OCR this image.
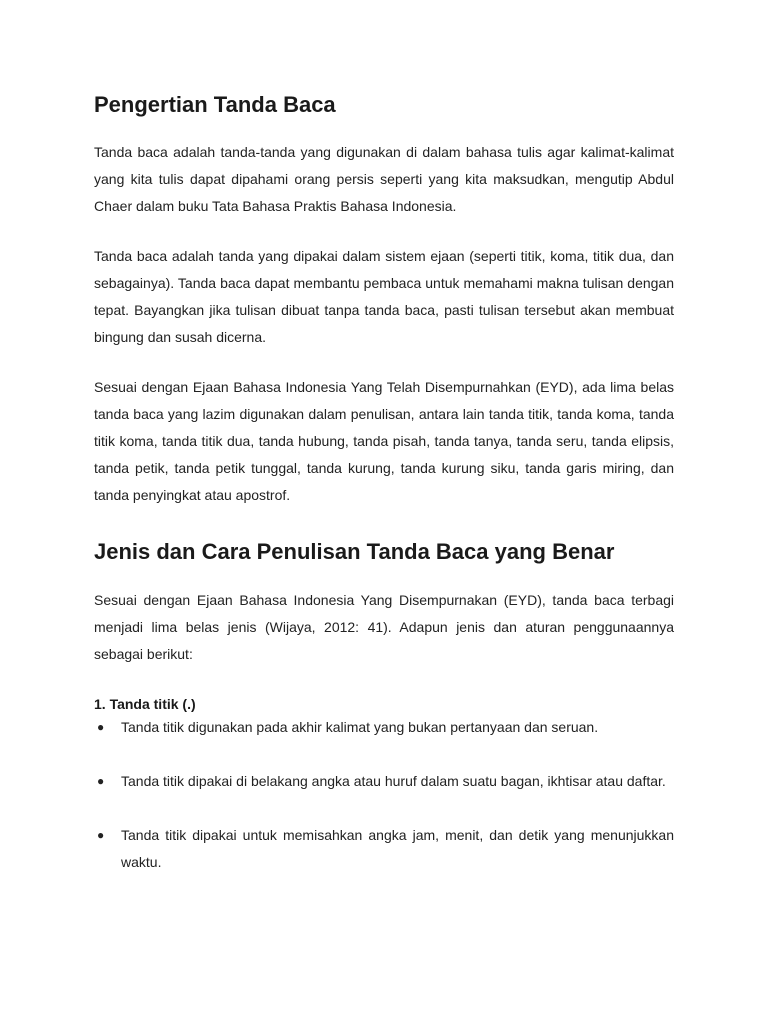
Pengertian Tanda Baca

Tanda baca adalah tanda-tanda yang digunakan di dalam bahasa tulis agar kalimat-kalimat yang kita tulis dapat dipahami orang persis seperti yang kita maksudkan, mengutip Abdul Chaer dalam buku Tata Bahasa Praktis Bahasa Indonesia.

Tanda baca adalah tanda yang dipakai dalam sistem ejaan (seperti titik, koma, titik dua, dan sebagainya). Tanda baca dapat membantu pembaca untuk memahami makna tulisan dengan tepat. Bayangkan jika tulisan dibuat tanpa tanda baca, pasti tulisan tersebut akan membuat bingung dan susah dicerna.

Sesuai dengan Ejaan Bahasa Indonesia Yang Telah Disempurnahkan (EYD), ada lima belas tanda baca yang lazim digunakan dalam penulisan, antara lain tanda titik, tanda koma, tanda titik koma, tanda titik dua, tanda hubung, tanda pisah, tanda tanya, tanda seru, tanda elipsis, tanda petik, tanda petik tunggal, tanda kurung, tanda kurung siku, tanda garis miring, dan tanda penyingkat atau apostrof.

Jenis dan Cara Penulisan Tanda Baca yang Benar

Sesuai dengan Ejaan Bahasa Indonesia Yang Disempurnakan (EYD), tanda baca terbagi menjadi lima belas jenis (Wijaya, 2012: 41). Adapun jenis dan aturan penggunaannya sebagai berikut:

1. Tanda titik (.)
● Tanda titik digunakan pada akhir kalimat yang bukan pertanyaan dan seruan.
● Tanda titik dipakai di belakang angka atau huruf dalam suatu bagan, ikhtisar atau daftar.
● Tanda titik dipakai untuk memisahkan angka jam, menit, dan detik yang menunjukkan waktu.
